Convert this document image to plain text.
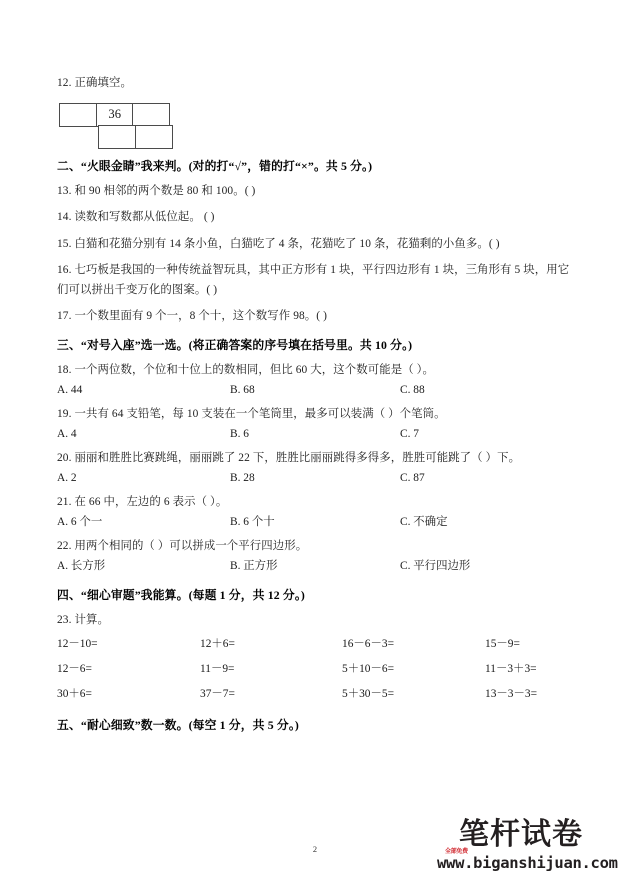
12. 正确填空。

36

二、“火眼金睛”我来判。(对的打“√”，错的打“×”。共 5 分。)

13. 和 90 相邻的两个数是 80 和 100。( )

14. 读数和写数都从低位起。 ( )

15. 白猫和花猫分别有 14 条小鱼，白猫吃了 4 条，花猫吃了 10 条，花猫剩的小鱼多。( )

16. 七巧板是我国的一种传统益智玩具，其中正方形有 1 块，平行四边形有 1 块，三角形有 5 块，用它们可以拼出千变万化的图案。( )

17. 一个数里面有 9 个一，8 个十，这个数写作 98。( )

三、“对号入座”选一选。(将正确答案的序号填在括号里。共 10 分。)

18. 一个两位数，个位和十位上的数相同，但比 60 大，这个数可能是（ ）。

A. 44	B. 68	C. 88

19. 一共有 64 支铅笔，每 10 支装在一个笔筒里，最多可以装满（ ）个笔筒。

A. 4	B. 6	C. 7

20. 丽丽和胜胜比赛跳绳，丽丽跳了 22 下，胜胜比丽丽跳得多得多，胜胜可能跳了（ ）下。

A. 2	B. 28	C. 87

21. 在 66 中，左边的 6 表示（ ）。

A. 6 个一	B. 6 个十	C. 不确定

22. 用两个相同的（ ）可以拼成一个平行四边形。

A. 长方形	B. 正方形	C. 平行四边形

四、“细心审题”我能算。(每题 1 分，共 12 分。)

23. 计算。

12－10=	12＋6=	16－6－3=	15－9=
12－6=	11－9=	5＋10－6=	11－3＋3=
30＋6=	37－7=	5＋30－5=	13－3－3=

五、“耐心细致”数一数。(每空 1 分，共 5 分。)

2	全部免费
笔杆试卷
www.biganshijuan.com
